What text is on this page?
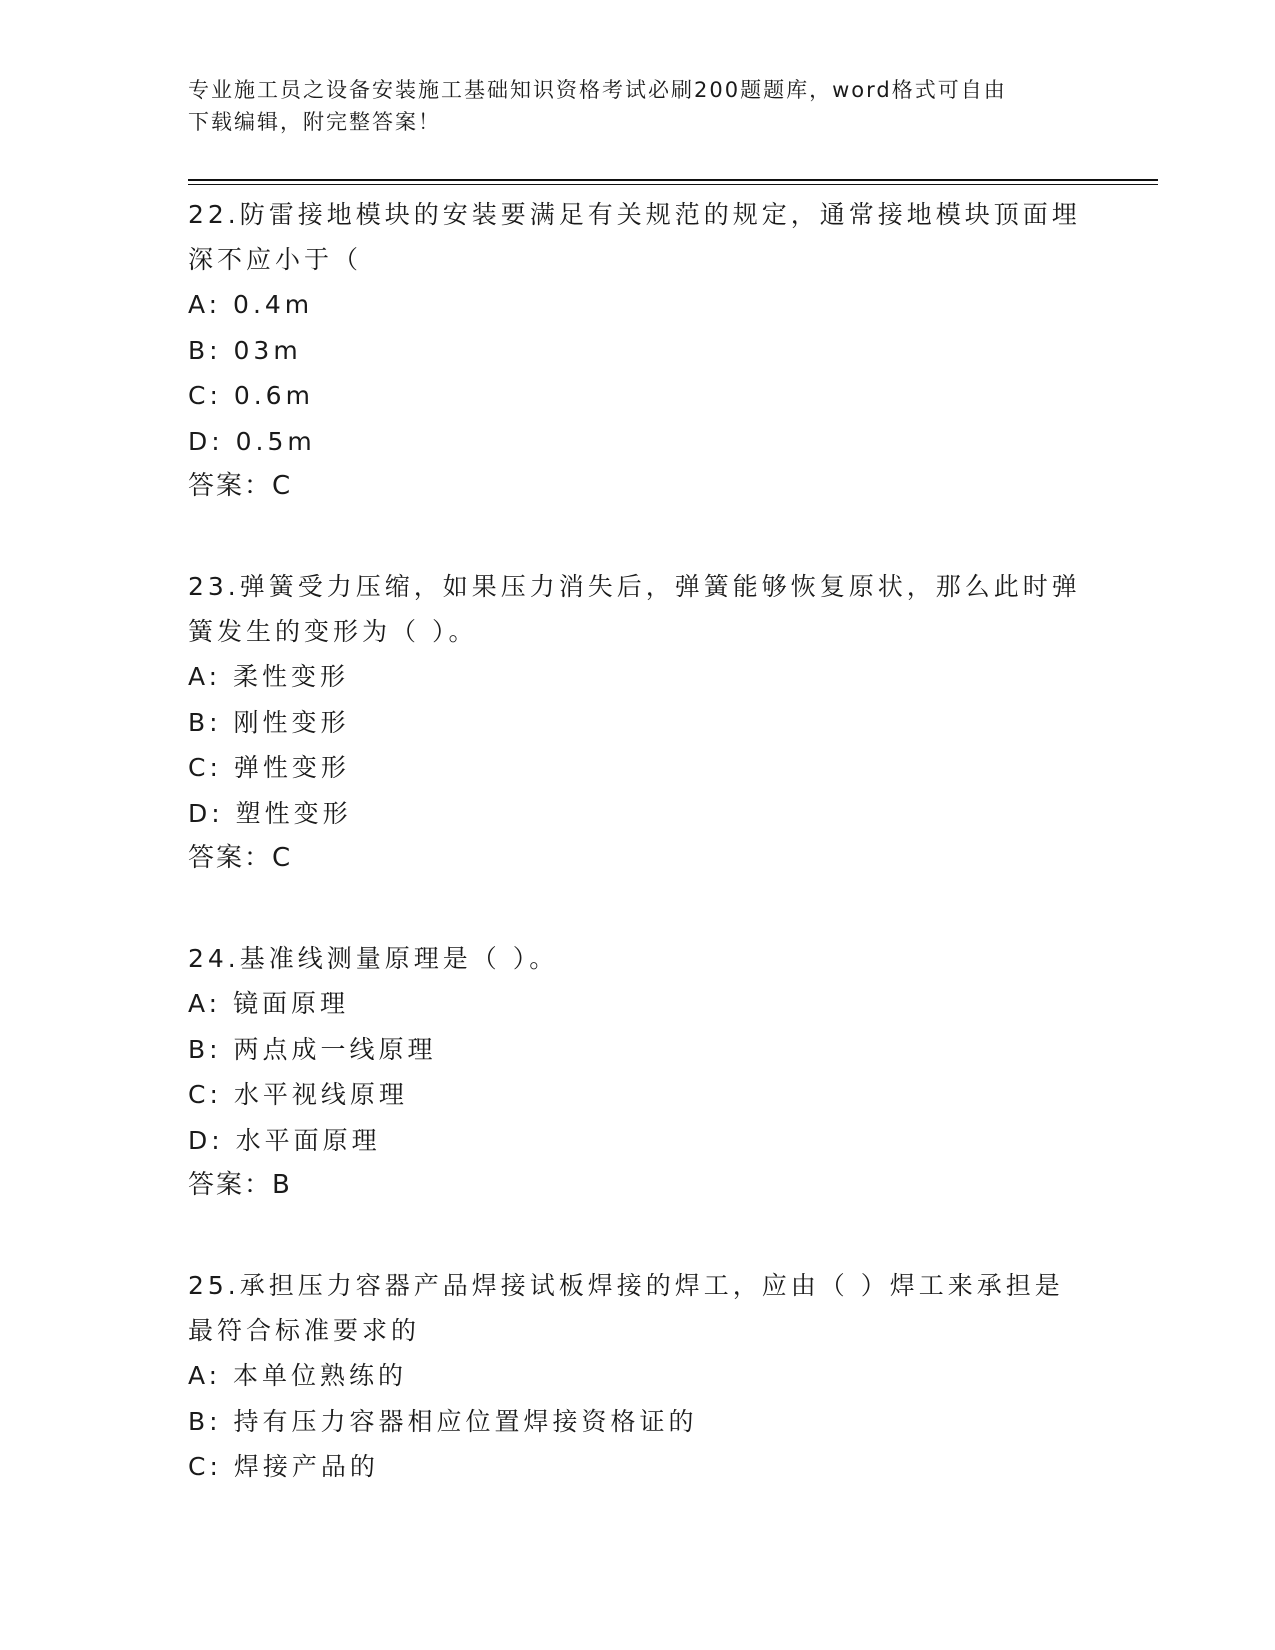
专业施工员之设备安装施工基础知识资格考试必刷200题题库，word格式可自由
下载编辑，附完整答案！
22.防雷接地模块的安装要满足有关规范的规定，通常接地模块顶面埋
深不应小于（
A: 0.4m
B: 03m
C: 0.6m
D: 0.5m
答案：C
23.弹簧受力压缩，如果压力消失后，弹簧能够恢复原状，那么此时弹
簧发生的变形为（ ）。
A: 柔性变形
B: 刚性变形
C: 弹性变形
D: 塑性变形
答案：C
24.基准线测量原理是（ ）。
A: 镜面原理
B: 两点成一线原理
C: 水平视线原理
D: 水平面原理
答案：B
25.承担压力容器产品焊接试板焊接的焊工，应由（ ）焊工来承担是
最符合标准要求的
A: 本单位熟练的
B: 持有压力容器相应位置焊接资格证的
C: 焊接产品的
